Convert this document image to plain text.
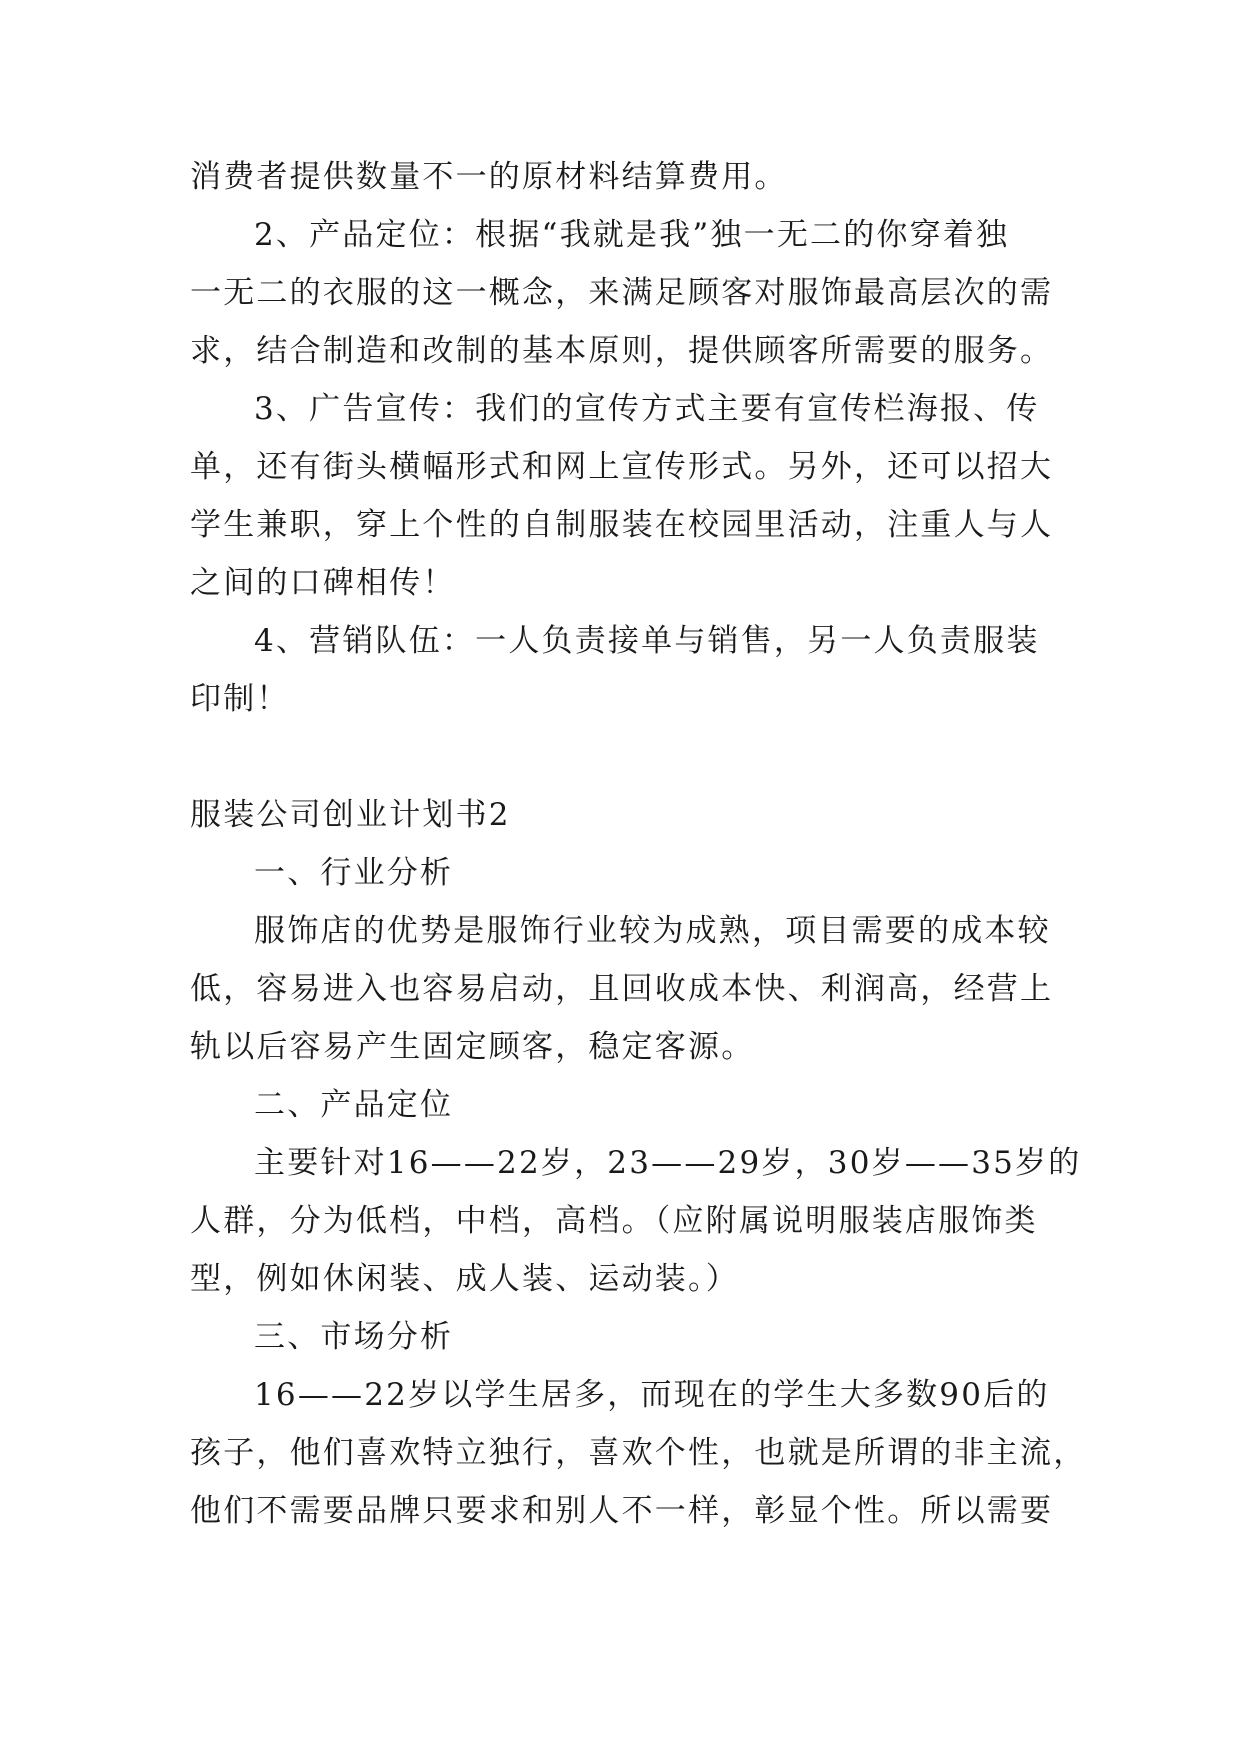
消费者提供数量不一的原材料结算费用。
2、产品定位：根据“我就是我”独一无二的你穿着独
一无二的衣服的这一概念，来满足顾客对服饰最高层次的需
求，结合制造和改制的基本原则，提供顾客所需要的服务。
3、广告宣传：我们的宣传方式主要有宣传栏海报、传
单，还有街头横幅形式和网上宣传形式。另外，还可以招大
学生兼职，穿上个性的自制服装在校园里活动，注重人与人
之间的口碑相传！
4、营销队伍：一人负责接单与销售，另一人负责服装
印制！
服装公司创业计划书2
一、行业分析
服饰店的优势是服饰行业较为成熟，项目需要的成本较
低，容易进入也容易启动，且回收成本快、利润高，经营上
轨以后容易产生固定顾客，稳定客源。
二、产品定位
主要针对16——22岁，23——29岁，30岁——35岁的
人群，分为低档，中档，高档。（应附属说明服装店服饰类
型，例如休闲装、成人装、运动装。）
三、市场分析
16——22岁以学生居多，而现在的学生大多数90后的
孩子，他们喜欢特立独行，喜欢个性，也就是所谓的非主流，
他们不需要品牌只要求和别人不一样，彰显个性。所以需要
